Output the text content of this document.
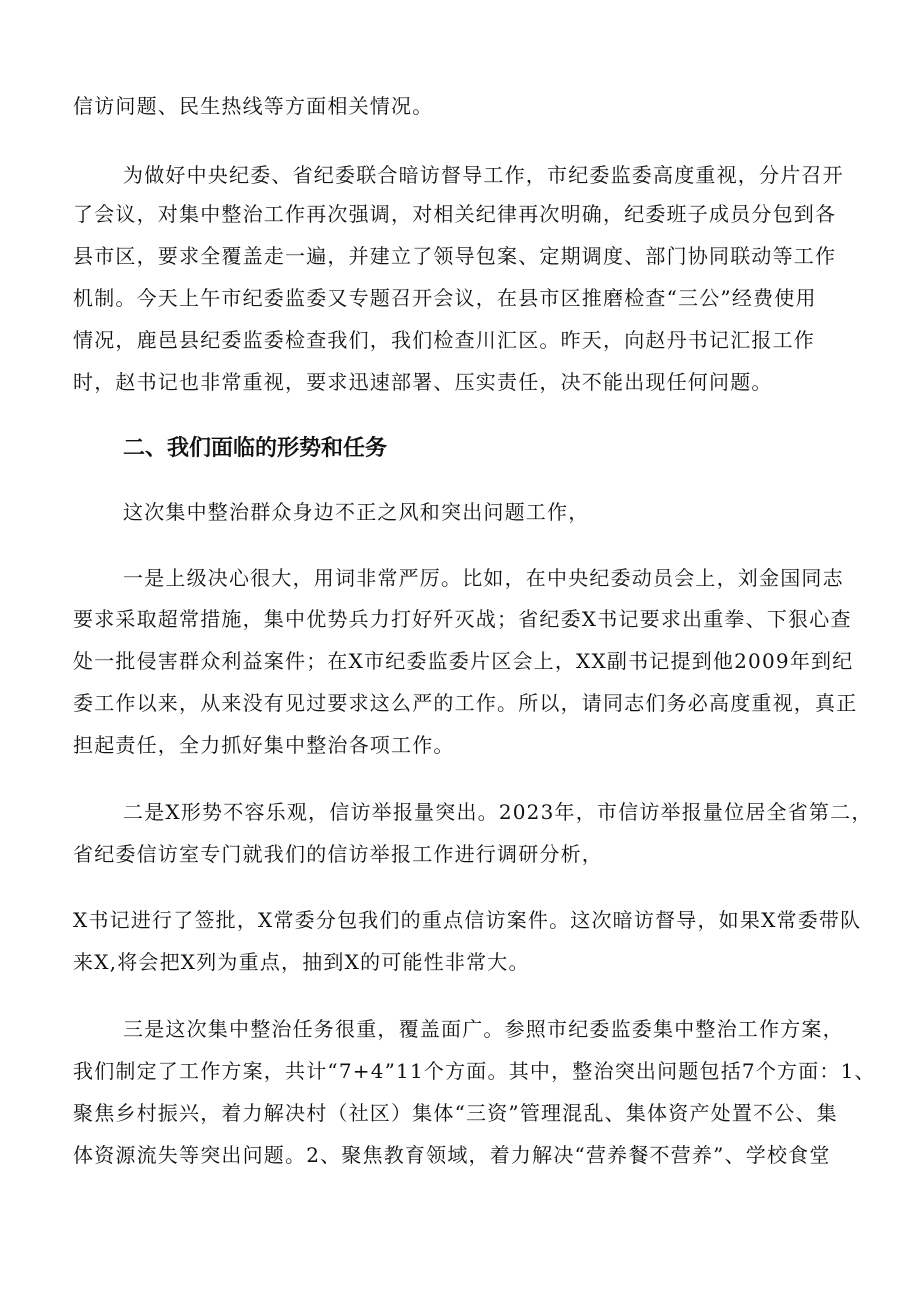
信访问题、民生热线等方面相关情况。

为做好中央纪委、省纪委联合暗访督导工作，市纪委监委高度重视，分片召开

了会议，对集中整治工作再次强调，对相关纪律再次明确，纪委班子成员分包到各

县市区，要求全覆盖走一遍，并建立了领导包案、定期调度、部门协同联动等工作

机制。今天上午市纪委监委又专题召开会议，在县市区推磨检查“三公”经费使用

情况，鹿邑县纪委监委检查我们，我们检查川汇区。昨天，向赵丹书记汇报工作

时，赵书记也非常重视，要求迅速部署、压实责任，决不能出现任何问题。

二、我们面临的形势和任务

这次集中整治群众身边不正之风和突出问题工作，

一是上级决心很大，用词非常严厉。比如，在中央纪委动员会上，刘金国同志

要求采取超常措施，集中优势兵力打好歼灭战；省纪委X书记要求出重拳、下狠心查

处一批侵害群众利益案件；在X市纪委监委片区会上，XX副书记提到他2009年到纪

委工作以来，从来没有见过要求这么严的工作。所以，请同志们务必高度重视，真正

担起责任，全力抓好集中整治各项工作。

二是X形势不容乐观，信访举报量突出。2023年，市信访举报量位居全省第二，

省纪委信访室专门就我们的信访举报工作进行调研分析，

X书记进行了签批，X常委分包我们的重点信访案件。这次暗访督导，如果X常委带队

来X,将会把X列为重点，抽到X的可能性非常大。

三是这次集中整治任务很重，覆盖面广。参照市纪委监委集中整治工作方案，

我们制定了工作方案，共计“7+4”11个方面。其中，整治突出问题包括7个方面：1、

聚焦乡村振兴，着力解决村（社区）集体“三资”管理混乱、集体资产处置不公、集

体资源流失等突出问题。2、聚焦教育领域，着力解决“营养餐不营养”、学校食堂
